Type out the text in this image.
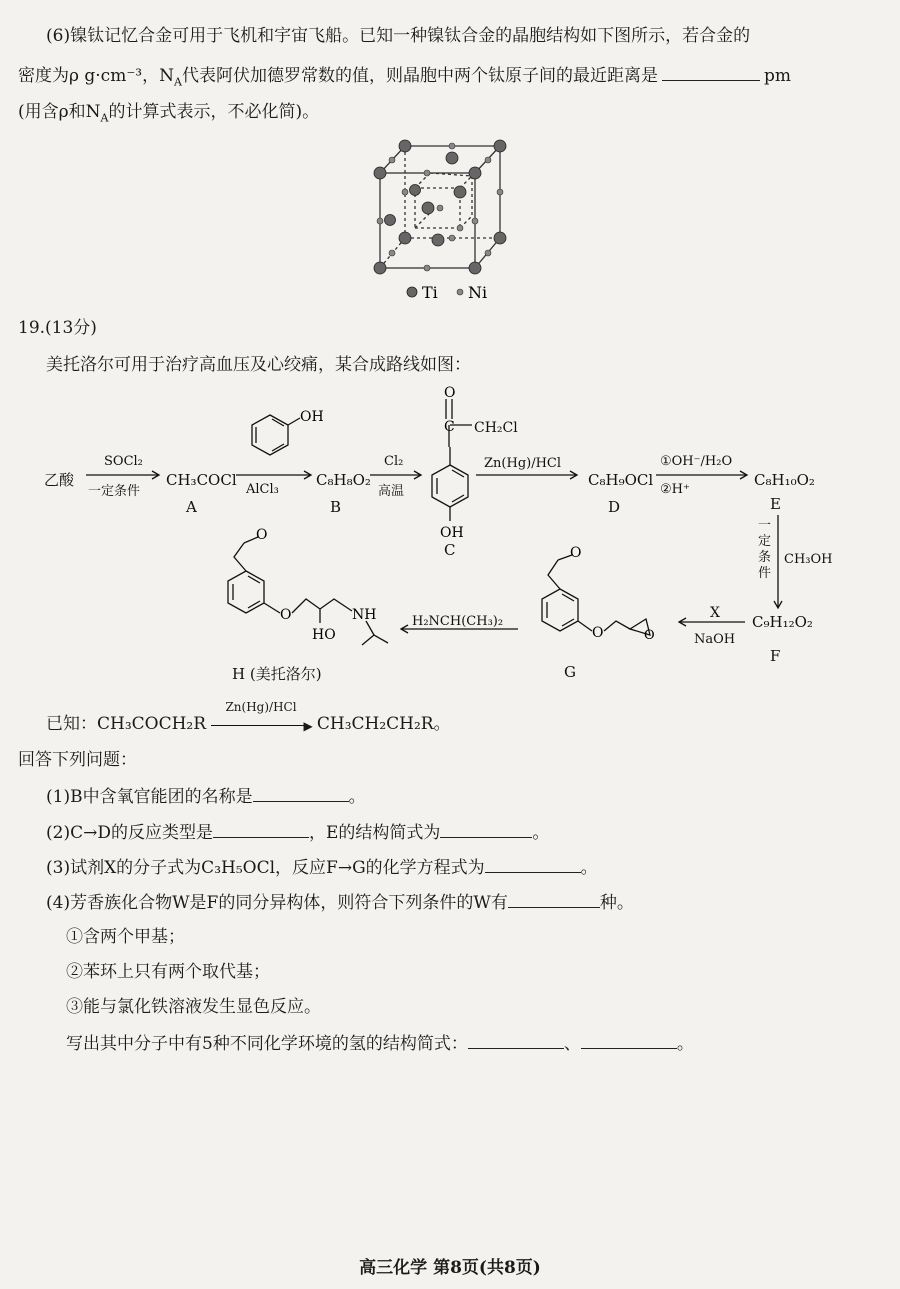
(6)镍钛记忆合金可用于飞机和宇宙飞船。已知一种镍钛合金的晶胞结构如下图所示，若合金的
密度为ρ g·cm⁻³，$N_A$代表阿伏加德罗常数的值，则晶胞中两个钛原子间的最近距离是	pm
(用含ρ和$N_A$的计算式表示，不必化简)。
Ti Ni
19.(13分)
美托洛尔可用于治疗高血压及心绞痛，某合成路线如图：
乙酸
SOCl₂
一定条件
CH₃COCl
A
AlCl₃
C₈H₈O₂
B
Cl₂
高温
CH₂Cl
C
Zn(Hg)/HCl
C₈H₉OCl
D
①OH⁻/H₂O
②H⁺
C₈H₁₀O₂
E
CH₃OH
C₉H₁₂O₂
F
X
NaOH
G
H₂NCH(CH₃)₂
H (美托洛尔)
一
定
条
件
OH
O
C
OH
O
O	O
O
O
HO
NH
已知：CH₃COCH₂R
Zn(Hg)/HCl
▶ CH₃CH₂CH₂R。
回答下列问题：
(1)B中含氧官能团的名称是	。
(2)C→D的反应类型是	，E的结构简式为	。
(3)试剂X的分子式为C₃H₅OCl，反应F→G的化学方程式为	。
(4)芳香族化合物W是F的同分异构体，则符合下列条件的W有	种。
①含两个甲基；
②苯环上只有两个取代基；
③能与氯化铁溶液发生显色反应。
写出其中分子中有5种不同化学环境的氢的结构简式：	、	。
高三化学 第8页(共8页)
